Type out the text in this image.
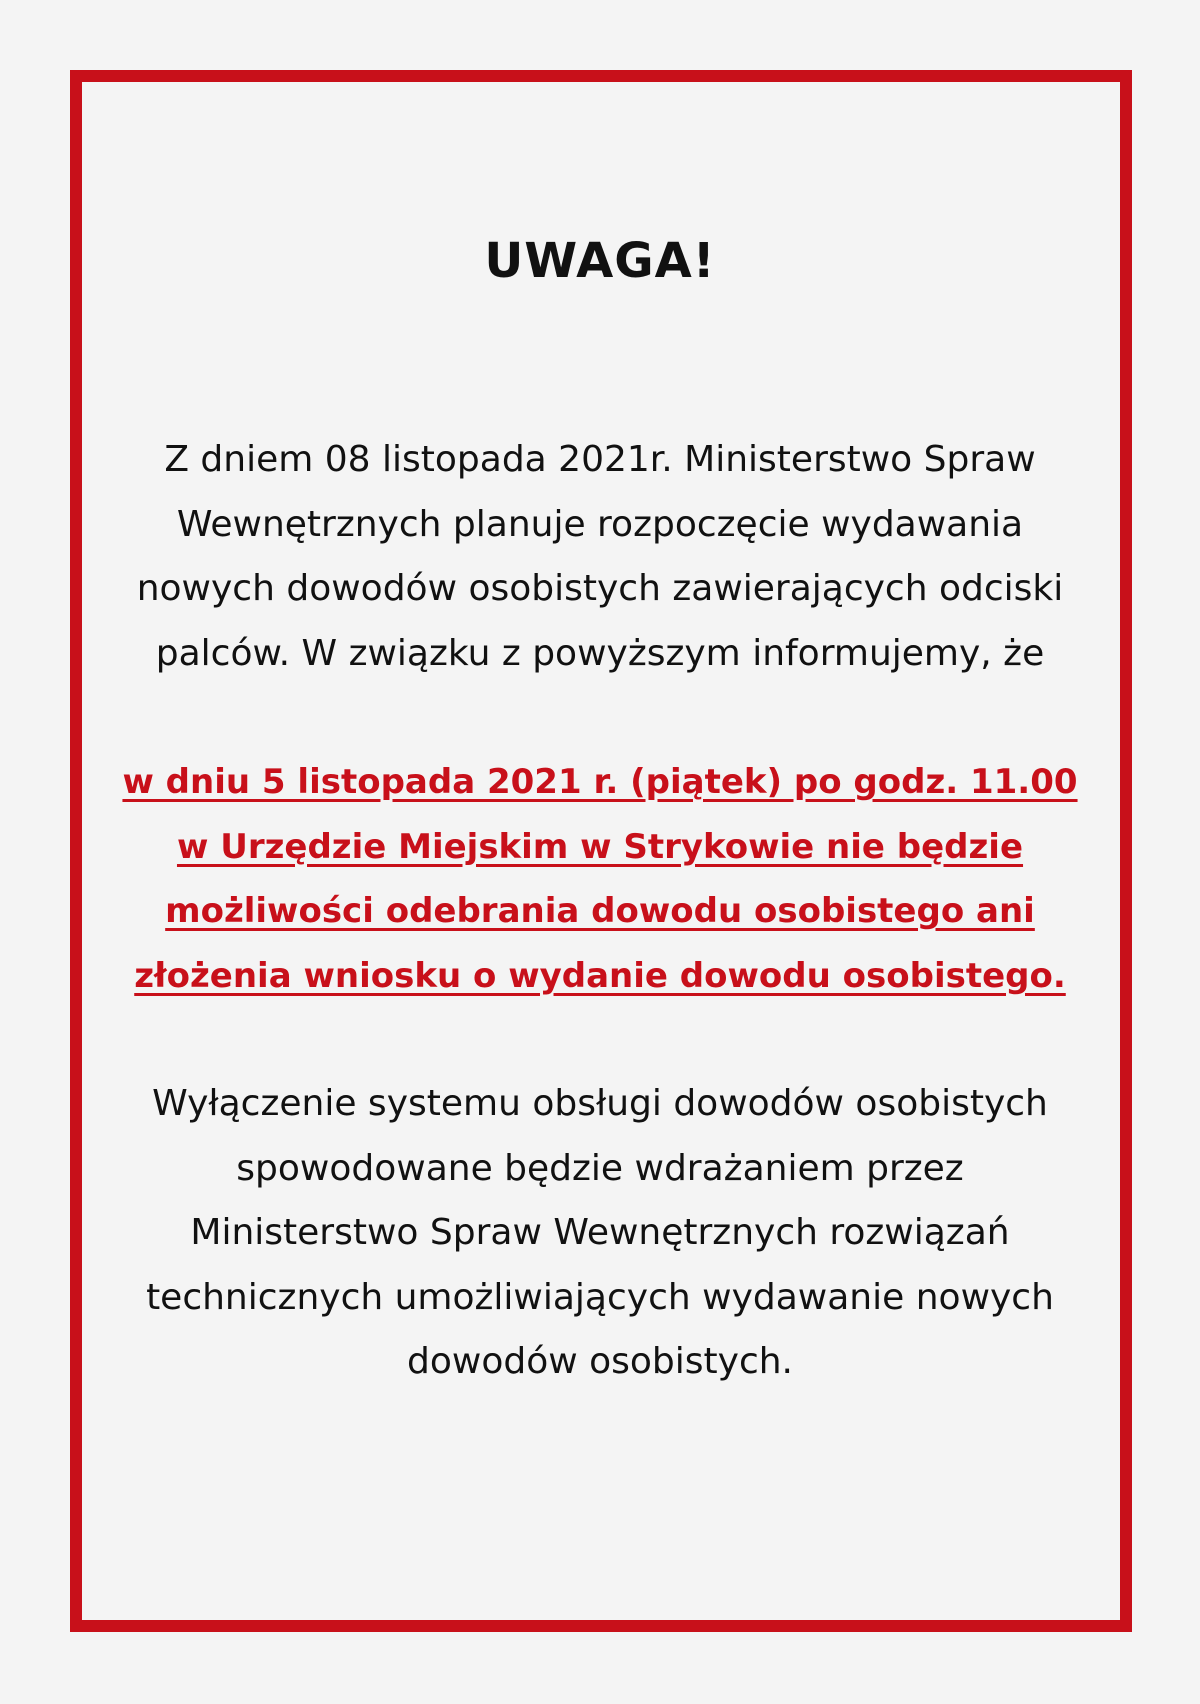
UWAGA!
Z dniem 08 listopada 2021r. Ministerstwo Spraw
Wewnętrznych planuje rozpoczęcie wydawania
nowych dowodów osobistych zawierających odciski
palców. W związku z powyższym informujemy, że
w dniu 5 listopada 2021 r. (piątek) po godz. 11.00
w Urzędzie Miejskim w Strykowie nie będzie
możliwości odebrania dowodu osobistego ani
złożenia wniosku o wydanie dowodu osobistego.
Wyłączenie systemu obsługi dowodów osobistych
spowodowane będzie wdrażaniem przez
Ministerstwo Spraw Wewnętrznych rozwiązań
technicznych umożliwiających wydawanie nowych
dowodów osobistych.
